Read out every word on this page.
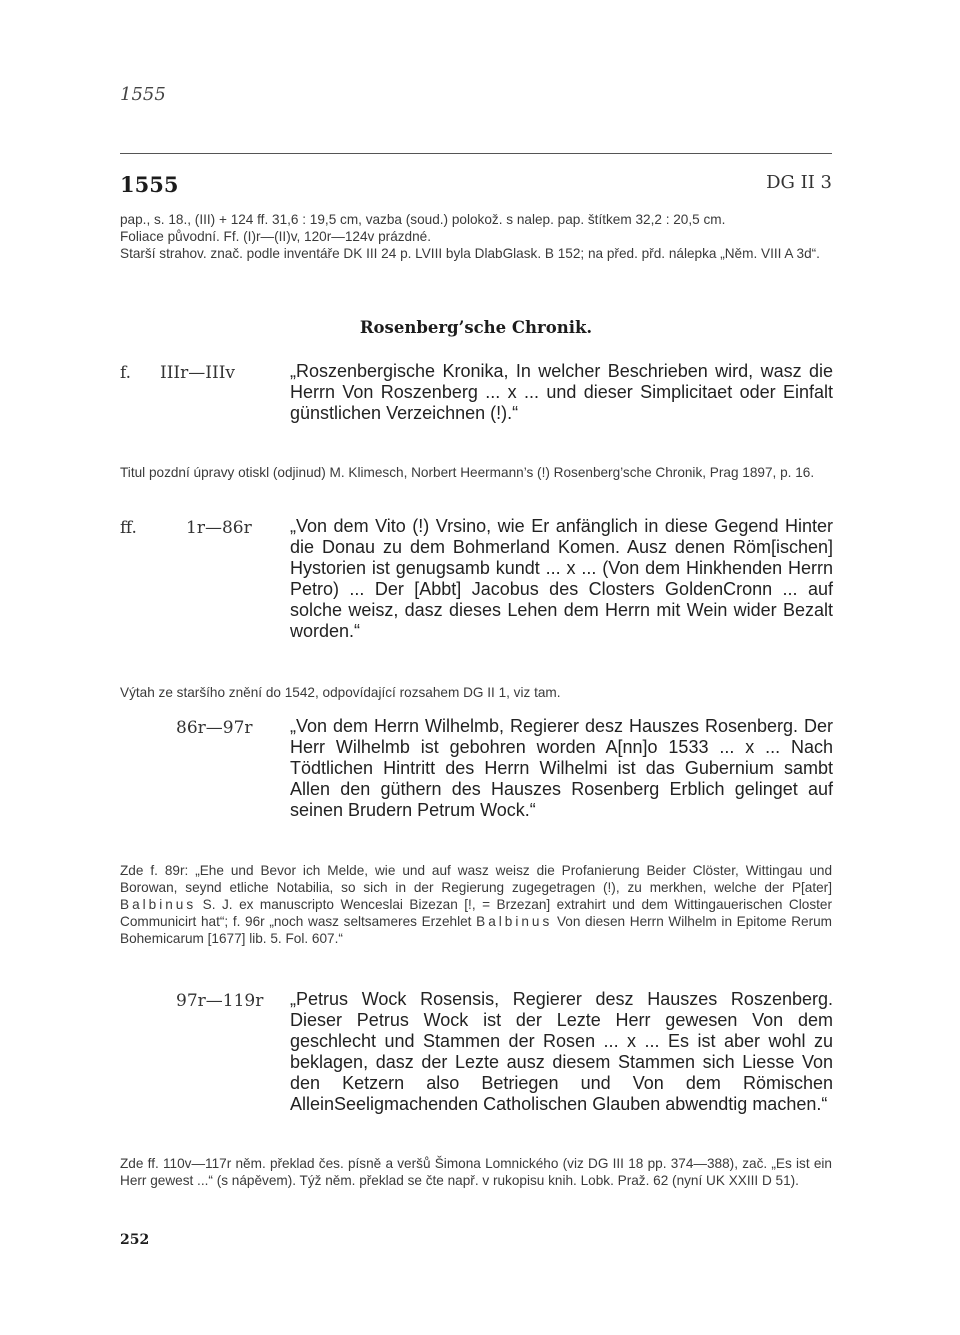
1555
1555	DG II 3
pap., s. 18., (III) + 124 ff. 31,6 : 19,5 cm, vazba (soud.) polokož. s nalep. pap. štítkem 32,2 : 20,5 cm.
Foliace původní. Ff. (I)r—(II)v, 120r—124v prázdné.
Starší strahov. znač. podle inventáře DK III 24 p. LVIII byla DlabGlask. B 152; na před. přd. nálepka „Něm. VIII A 3d“.
Rosenberg’sche Chronik.
f. IIIr—IIIv	„Roszenbergische Kronika, In welcher Beschrieben wird, wasz die Herrn Von Roszenberg ... x ... und dieser Simplicitaet oder Einfalt günstlichen Verzeichnen (!).“
Titul pozdní úpravy otiskl (odjinud) M. Klimesch, Norbert Heermann’s (!) Rosenberg’sche Chronik, Prag 1897, p. 16.
ff.	1r—86r „Von dem Vito (!) Vrsino, wie Er anfänglich in diese Gegend Hinter die Donau zu dem Bohmerland Komen. Ausz denen Röm[ischen] Hystorien ist genugsamb kundt ... x ... (Von dem Hinkhenden Herrn Petro) ... Der [Abbt] Jacobus des Closters GoldenCronn ... auf solche weisz, dasz dieses Lehen dem Herrn mit Wein wider Bezalt worden.“
Výtah ze staršího znění do 1542, odpovídající rozsahem DG II 1, viz tam.
86r—97r „Von dem Herrn Wilhelmb, Regierer desz Hauszes Rosenberg. Der Herr Wilhelmb ist gebohren worden A[nn]o 1533 ... x ... Nach Tödtlichen Hintritt des Herrn Wilhelmi ist das Gubernium sambt Allen den güthern des Hauszes Rosenberg Erblich gelinget auf seinen Brudern Petrum Wock.“
Zde f. 89r: „Ehe und Bevor ich Melde, wie und auf wasz weisz die Profanierung Beider Clöster, Wittingau und Borowan, seynd etliche Notabilia, so sich in der Regierung zugegetragen (!), zu merkhen, welche der P[ater] Balbinus S. J. ex manuscripto Wenceslai Bizezan [!, = Brzezan] extrahirt und dem Wittingauerischen Closter Communicirt hat“; f. 96r „noch wasz seltsameres Erzehlet Balbinus Von diesen Herrn Wilhelm in Epitome Rerum Bohemicarum [1677] lib. 5. Fol. 607.“
97r—119r „Petrus Wock Rosensis, Regierer desz Hauszes Roszenberg. Dieser Petrus Wock ist der Lezte Herr gewesen Von dem geschlecht und Stammen der Rosen ... x ... Es ist aber wohl zu beklagen, dasz der Lezte ausz diesem Stammen sich Liesse Von den Ketzern also Betriegen und Von dem Römischen AlleinSeeligmachenden Catholischen Glauben abwendtig machen.“
Zde ff. 110v—117r něm. překlad čes. písně a veršů Šimona Lomnického (viz DG III 18 pp. 374—388), zač. „Es ist ein Herr gewest ...“ (s nápěvem). Týž něm. překlad se čte např. v rukopisu knih. Lobk. Praž. 62 (nyní UK XXIII D 51).
252
